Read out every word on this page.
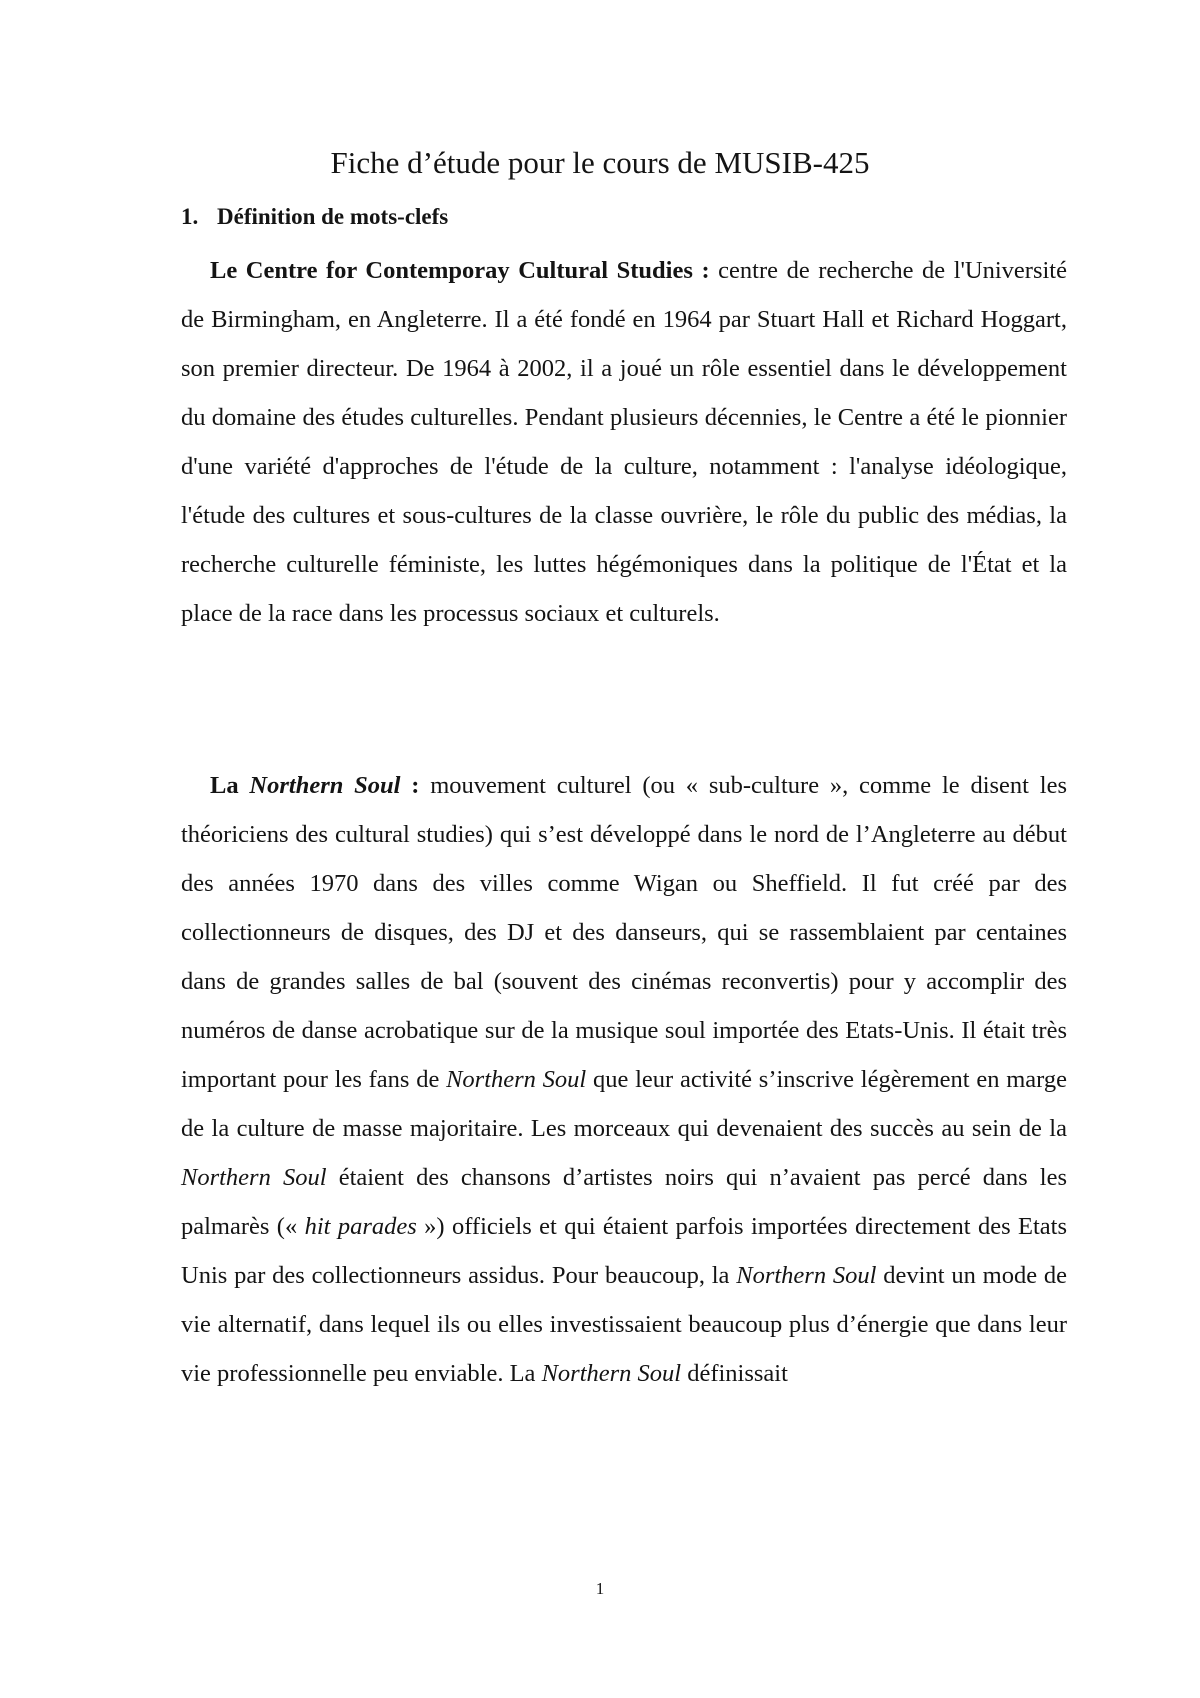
Fiche d’étude pour le cours de MUSIB-425
1. Définition de mots-clefs

Le Centre for Contemporay Cultural Studies : centre de recherche de l'Université de Birmingham, en Angleterre. Il a été fondé en 1964 par Stuart Hall et Richard Hoggart, son premier directeur. De 1964 à 2002, il a joué un rôle essentiel dans le développement du domaine des études culturelles. Pendant plusieurs décennies, le Centre a été le pionnier d'une variété d'approches de l'étude de la culture, notamment : l'analyse idéologique, l'étude des cultures et sous-cultures de la classe ouvrière, le rôle du public des médias, la recherche culturelle féministe, les luttes hégémoniques dans la politique de l'État et la place de la race dans les processus sociaux et culturels.

La Northern Soul : mouvement culturel (ou « sub-culture », comme le disent les théoriciens des cultural studies) qui s’est développé dans le nord de l’Angleterre au début des années 1970 dans des villes comme Wigan ou Sheffield. Il fut créé par des collectionneurs de disques, des DJ et des danseurs, qui se rassemblaient par centaines dans de grandes salles de bal (souvent des cinémas reconvertis) pour y accomplir des numéros de danse acrobatique sur de la musique soul importée des Etats-Unis. Il était très important pour les fans de Northern Soul que leur activité s’inscrive légèrement en marge de la culture de masse majoritaire. Les morceaux qui devenaient des succès au sein de la Northern Soul étaient des chansons d’artistes noirs qui n’avaient pas percé dans les palmarès (« hit parades ») officiels et qui étaient parfois importées directement des Etats Unis par des collectionneurs assidus. Pour beaucoup, la Northern Soul devint un mode de vie alternatif, dans lequel ils ou elles investissaient beaucoup plus d’énergie que dans leur vie professionnelle peu enviable. La Northern Soul définissait

1
